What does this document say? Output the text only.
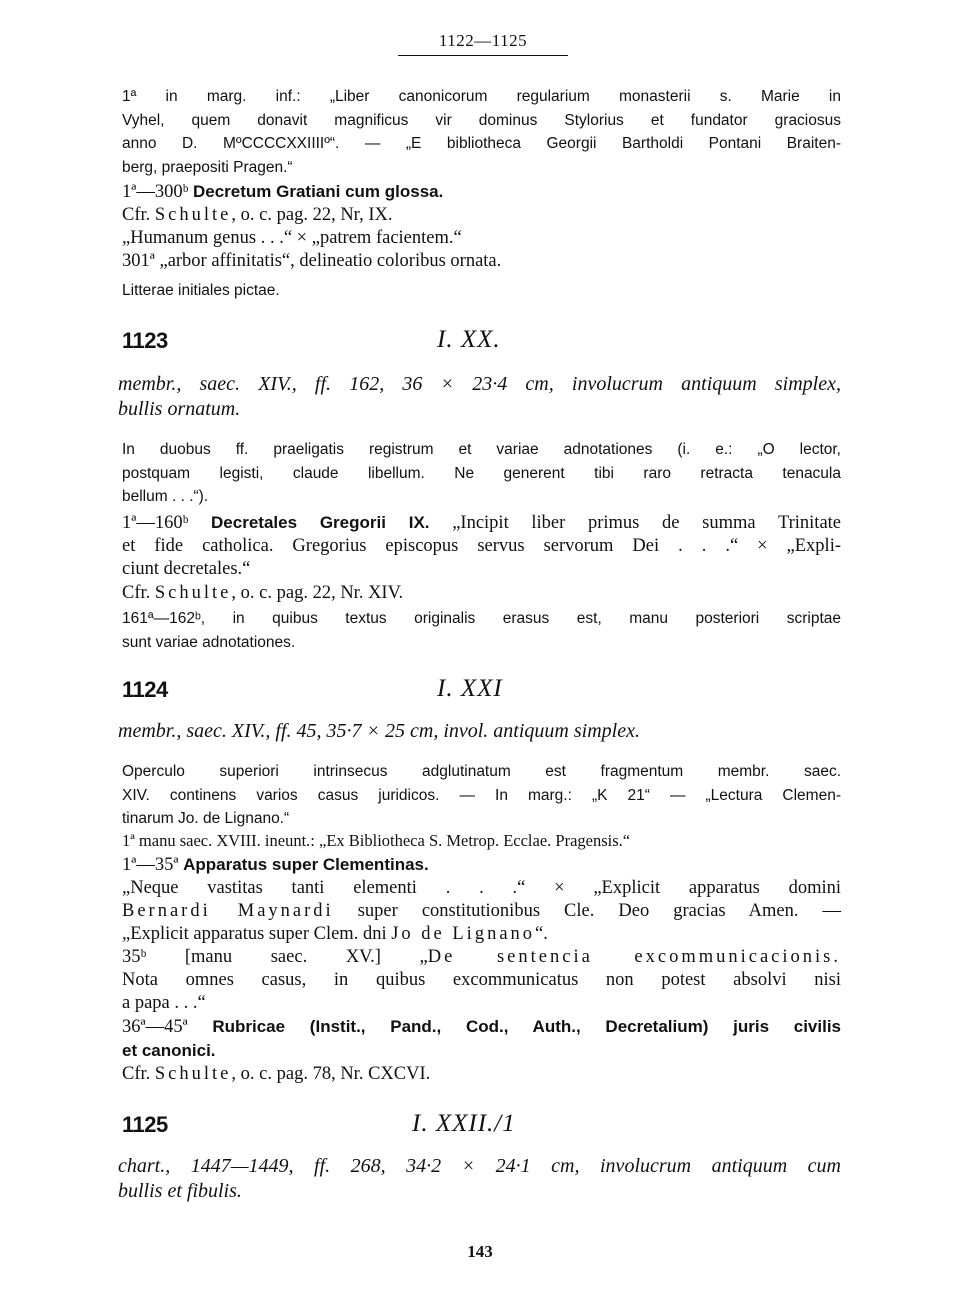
1122—1125
1ª in marg. inf.: „Liber canonicorum regularium monasterii s. Marie in
Vyhel, quem donavit magnificus vir dominus Stylorius et fundator graciosus
anno D. MºCCCCXXIIIIº“. — „E bibliotheca Georgii Bartholdi Pontani Braiten-
berg, praepositi Pragen.“
1ª—300ᵇ Decretum Gratiani cum glossa.
Cfr. Schulte, o. c. pag. 22, Nr, IX.
„Humanum genus . . .“ × „patrem facientem.“
301ª „arbor affinitatis“, delineatio coloribus ornata.
Litterae initiales pictae.
1123	I. XX.
membr., saec. XIV., ff. 162, 36 × 23·4 cm, involucrum antiquum simplex,
bullis ornatum.
In duobus ff. praeligatis registrum et variae adnotationes (i. e.: „O lector,
postquam legisti, claude libellum. Ne generent tibi raro retracta tenacula
bellum . . .“).
1ª—160ᵇ Decretales Gregorii IX. „Incipit liber primus de summa Trinitate
et fide catholica. Gregorius episcopus servus servorum Dei . . .“ × „Expli-
ciunt decretales.“
Cfr. Schulte, o. c. pag. 22, Nr. XIV.
161ª—162ᵇ, in quibus textus originalis erasus est, manu posteriori scriptae
sunt variae adnotationes.
1124	I. XXI
membr., saec. XIV., ff. 45, 35·7 × 25 cm, invol. antiquum simplex.
Operculo superiori intrinsecus adglutinatum est fragmentum membr. saec.
XIV. continens varios casus juridicos. — In marg.: „K 21“ — „Lectura Clemen-
tinarum Jo. de Lignano.“
1ª manu saec. XVIII. ineunt.: „Ex Bibliotheca S. Metrop. Ecclae. Pragensis.“
1ª—35ª Apparatus super Clementinas.
„Neque vastitas tanti elementi . . .“ × „Explicit apparatus domini
Bernardi Maynardi super constitutionibus Cle. Deo gracias Amen. —
„Explicit apparatus super Clem. dni Jo de Lignano“.
35ᵇ [manu saec. XV.] „De sentencia excommunicacionis.
Nota omnes casus, in quibus excommunicatus non potest absolvi nisi
a papa . . .“
36ª—45ª Rubricae (Instit., Pand., Cod., Auth., Decretalium) juris civilis
et canonici.
Cfr. Schulte, o. c. pag. 78, Nr. CXCVI.
1125	I. XXII./1
chart., 1447—1449, ff. 268, 34·2 × 24·1 cm, involucrum antiquum cum
bullis et fibulis.
143
